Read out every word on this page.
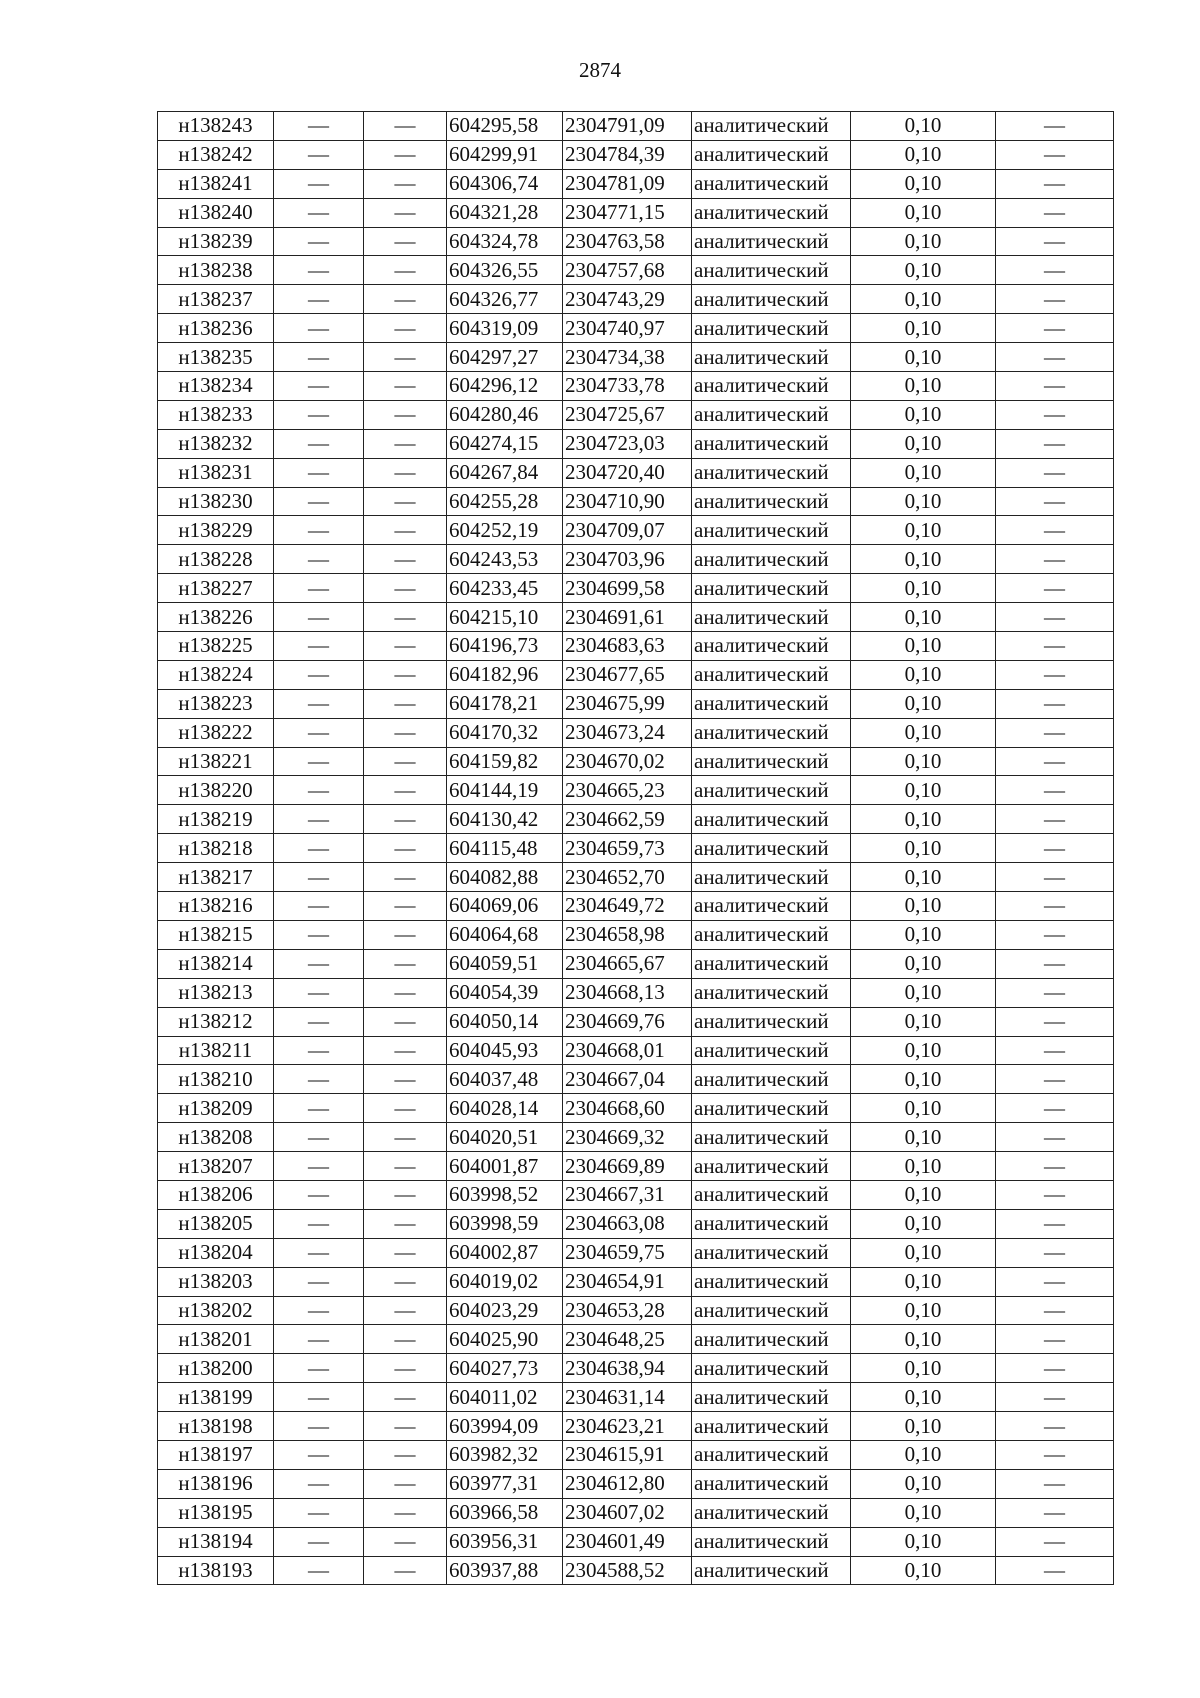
2874
н138243	—	—	604295,58	2304791,09	аналитический	0,10	—
н138242	—	—	604299,91	2304784,39	аналитический	0,10	—
н138241	—	—	604306,74	2304781,09	аналитический	0,10	—
н138240	—	—	604321,28	2304771,15	аналитический	0,10	—
н138239	—	—	604324,78	2304763,58	аналитический	0,10	—
н138238	—	—	604326,55	2304757,68	аналитический	0,10	—
н138237	—	—	604326,77	2304743,29	аналитический	0,10	—
н138236	—	—	604319,09	2304740,97	аналитический	0,10	—
н138235	—	—	604297,27	2304734,38	аналитический	0,10	—
н138234	—	—	604296,12	2304733,78	аналитический	0,10	—
н138233	—	—	604280,46	2304725,67	аналитический	0,10	—
н138232	—	—	604274,15	2304723,03	аналитический	0,10	—
н138231	—	—	604267,84	2304720,40	аналитический	0,10	—
н138230	—	—	604255,28	2304710,90	аналитический	0,10	—
н138229	—	—	604252,19	2304709,07	аналитический	0,10	—
н138228	—	—	604243,53	2304703,96	аналитический	0,10	—
н138227	—	—	604233,45	2304699,58	аналитический	0,10	—
н138226	—	—	604215,10	2304691,61	аналитический	0,10	—
н138225	—	—	604196,73	2304683,63	аналитический	0,10	—
н138224	—	—	604182,96	2304677,65	аналитический	0,10	—
н138223	—	—	604178,21	2304675,99	аналитический	0,10	—
н138222	—	—	604170,32	2304673,24	аналитический	0,10	—
н138221	—	—	604159,82	2304670,02	аналитический	0,10	—
н138220	—	—	604144,19	2304665,23	аналитический	0,10	—
н138219	—	—	604130,42	2304662,59	аналитический	0,10	—
н138218	—	—	604115,48	2304659,73	аналитический	0,10	—
н138217	—	—	604082,88	2304652,70	аналитический	0,10	—
н138216	—	—	604069,06	2304649,72	аналитический	0,10	—
н138215	—	—	604064,68	2304658,98	аналитический	0,10	—
н138214	—	—	604059,51	2304665,67	аналитический	0,10	—
н138213	—	—	604054,39	2304668,13	аналитический	0,10	—
н138212	—	—	604050,14	2304669,76	аналитический	0,10	—
н138211	—	—	604045,93	2304668,01	аналитический	0,10	—
н138210	—	—	604037,48	2304667,04	аналитический	0,10	—
н138209	—	—	604028,14	2304668,60	аналитический	0,10	—
н138208	—	—	604020,51	2304669,32	аналитический	0,10	—
н138207	—	—	604001,87	2304669,89	аналитический	0,10	—
н138206	—	—	603998,52	2304667,31	аналитический	0,10	—
н138205	—	—	603998,59	2304663,08	аналитический	0,10	—
н138204	—	—	604002,87	2304659,75	аналитический	0,10	—
н138203	—	—	604019,02	2304654,91	аналитический	0,10	—
н138202	—	—	604023,29	2304653,28	аналитический	0,10	—
н138201	—	—	604025,90	2304648,25	аналитический	0,10	—
н138200	—	—	604027,73	2304638,94	аналитический	0,10	—
н138199	—	—	604011,02	2304631,14	аналитический	0,10	—
н138198	—	—	603994,09	2304623,21	аналитический	0,10	—
н138197	—	—	603982,32	2304615,91	аналитический	0,10	—
н138196	—	—	603977,31	2304612,80	аналитический	0,10	—
н138195	—	—	603966,58	2304607,02	аналитический	0,10	—
н138194	—	—	603956,31	2304601,49	аналитический	0,10	—
н138193	—	—	603937,88	2304588,52	аналитический	0,10	—
